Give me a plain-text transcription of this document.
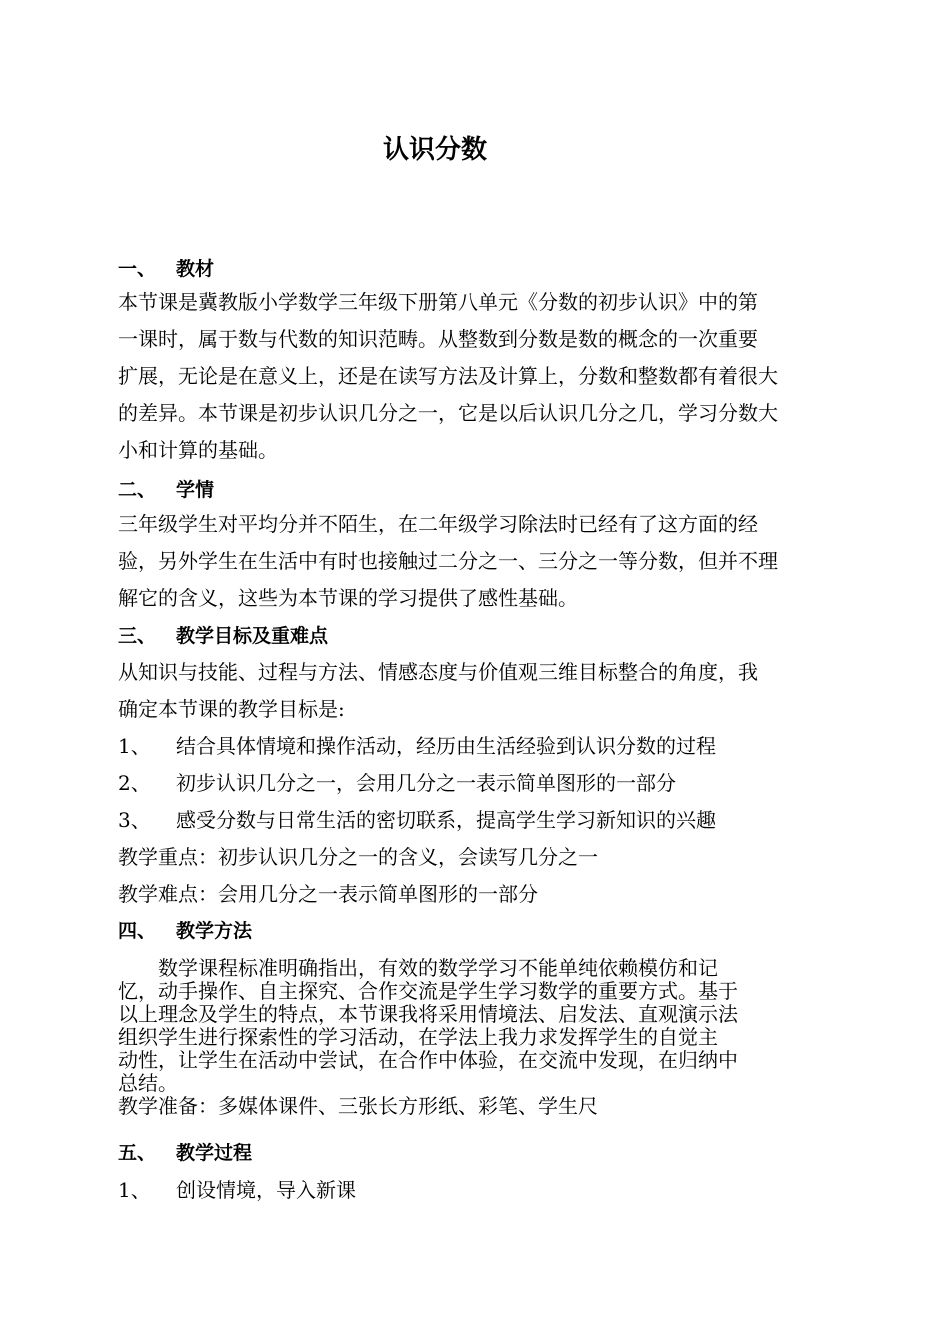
认识分数
一、 教材
本节课是冀教版小学数学三年级下册第八单元《分数的初步认识》中的第
一课时，属于数与代数的知识范畴。从整数到分数是数的概念的一次重要
扩展，无论是在意义上，还是在读写方法及计算上，分数和整数都有着很大
的差异。本节课是初步认识几分之一，它是以后认识几分之几，学习分数大
小和计算的基础。
二、 学情
三年级学生对平均分并不陌生，在二年级学习除法时已经有了这方面的经
验，另外学生在生活中有时也接触过二分之一、三分之一等分数，但并不理
解它的含义，这些为本节课的学习提供了感性基础。
三、 教学目标及重难点
从知识与技能、过程与方法、情感态度与价值观三维目标整合的角度，我
确定本节课的教学目标是:
1、 结合具体情境和操作活动，经历由生活经验到认识分数的过程
2、 初步认识几分之一，会用几分之一表示简单图形的一部分
3、 感受分数与日常生活的密切联系，提高学生学习新知识的兴趣
教学重点：初步认识几分之一的含义，会读写几分之一
教学难点：会用几分之一表示简单图形的一部分
四、 教学方法
　　数学课程标准明确指出，有效的数学学习不能单纯依赖模仿和记
忆，动手操作、自主探究、合作交流是学生学习数学的重要方式。基于
以上理念及学生的特点，本节课我将采用情境法、启发法、直观演示法
组织学生进行探索性的学习活动，在学法上我力求发挥学生的自觉主
动性，让学生在活动中尝试，在合作中体验，在交流中发现，在归纳中
总结。
教学准备：多媒体课件、三张长方形纸、彩笔、学生尺
五、 教学过程
1、 创设情境，导入新课
